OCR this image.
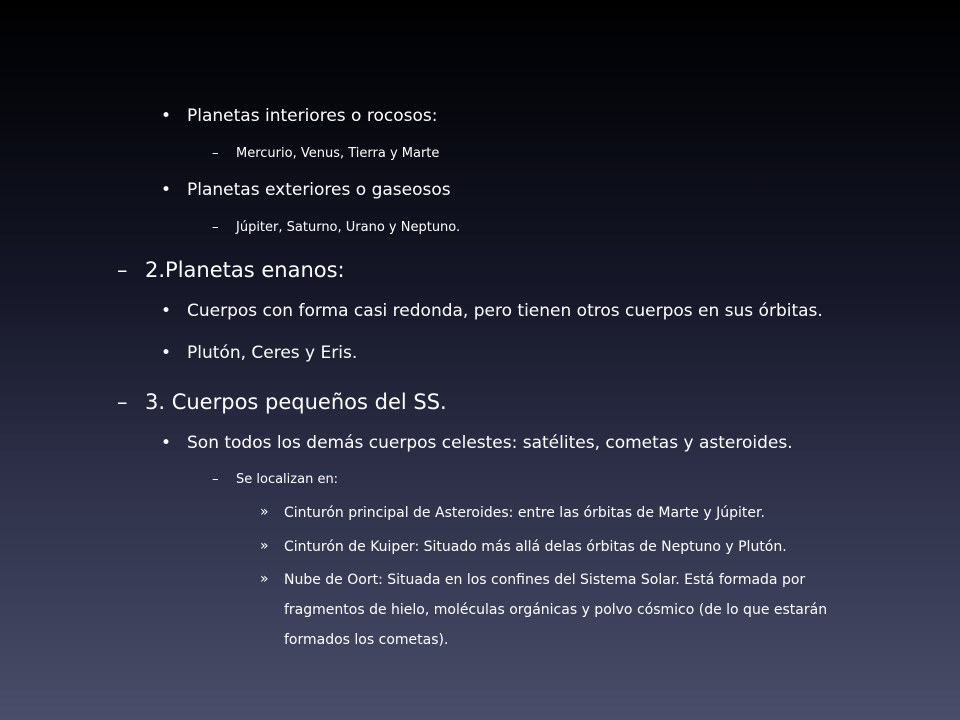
• Planetas interiores o rocosos:
– Mercurio, Venus, Tierra y Marte
• Planetas exteriores o gaseosos
– Júpiter, Saturno, Urano y Neptuno.
– 2.Planetas enanos:
• Cuerpos con forma casi redonda, pero tienen otros cuerpos en sus órbitas.
• Plutón, Ceres y Eris.
– 3. Cuerpos pequeños del SS.
• Son todos los demás cuerpos celestes: satélites, cometas y asteroides.
– Se localizan en:
» Cinturón principal de Asteroides: entre las órbitas de Marte y Júpiter.
» Cinturón de Kuiper: Situado más allá delas órbitas de Neptuno y Plutón.
» Nube de Oort: Situada en los confines del Sistema Solar. Está formada por
fragmentos de hielo, moléculas orgánicas y polvo cósmico (de lo que estarán
formados los cometas).
